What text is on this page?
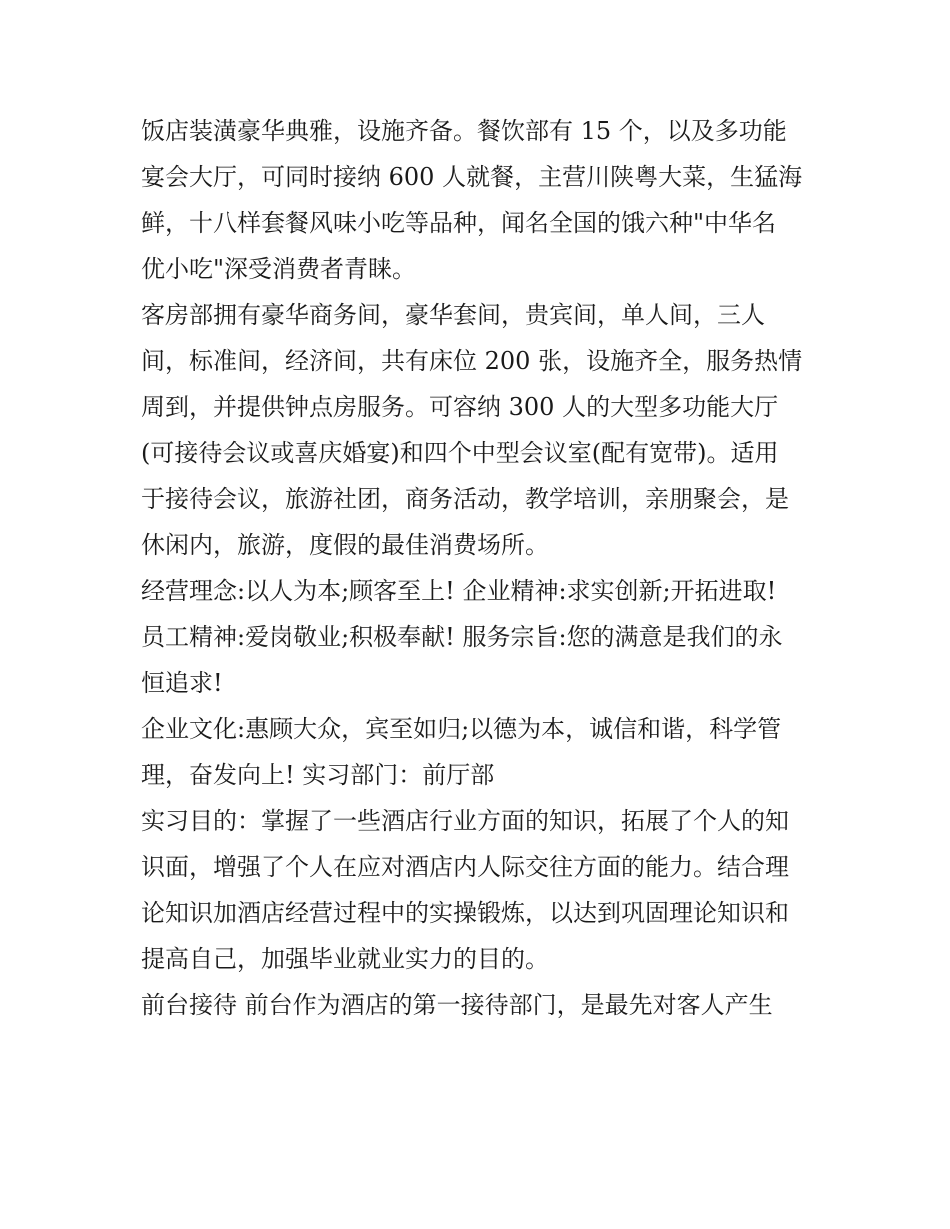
饭店装潢豪华典雅，设施齐备。餐饮部有 15 个，以及多功能
宴会大厅，可同时接纳 600 人就餐，主营川陕粤大菜，生猛海
鲜，十八样套餐风味小吃等品种，闻名全国的饿六种"中华名
优小吃"深受消费者青睐。
客房部拥有豪华商务间，豪华套间，贵宾间，单人间，三人
间，标准间，经济间，共有床位 200 张，设施齐全，服务热情
周到，并提供钟点房服务。可容纳 300 人的大型多功能大厅
(可接待会议或喜庆婚宴)和四个中型会议室(配有宽带)。适用
于接待会议，旅游社团，商务活动，教学培训，亲朋聚会，是
休闲内，旅游，度假的最佳消费场所。
经营理念:以人为本;顾客至上! 企业精神:求实创新;开拓进取!
员工精神:爱岗敬业;积极奉献! 服务宗旨:您的满意是我们的永
恒追求!
企业文化:惠顾大众，宾至如归;以德为本，诚信和谐，科学管
理，奋发向上! 实习部门：前厅部
实习目的：掌握了一些酒店行业方面的知识，拓展了个人的知
识面，增强了个人在应对酒店内人际交往方面的能力。结合理
论知识加酒店经营过程中的实操锻炼，以达到巩固理论知识和
提高自己，加强毕业就业实力的目的。
前台接待 前台作为酒店的第一接待部门，是最先对客人产生
